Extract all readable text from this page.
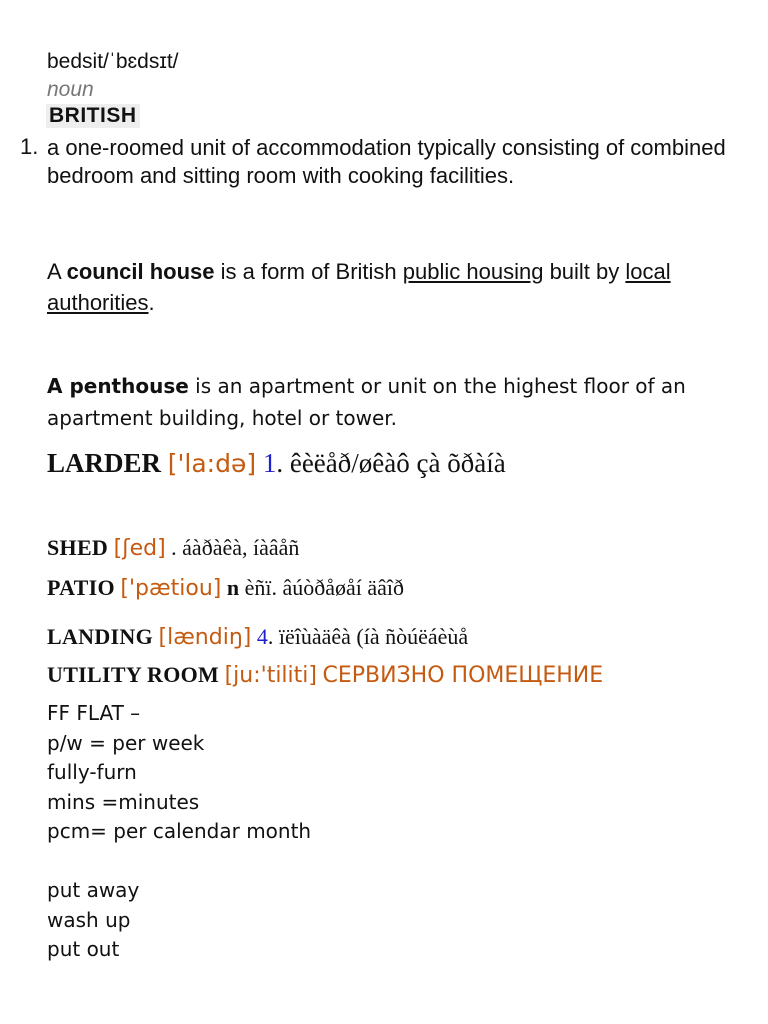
bedsit/ˈbɛdsɪt/
noun
BRITISH
1. a one-roomed unit of accommodation typically consisting of combined bedroom and sitting room with cooking facilities.
A council house is a form of British public housing built by local authorities.
A penthouse is an apartment or unit on the highest floor of an apartment building, hotel or tower.
LARDER ['la:də] 1. êèëåð/øêàô çà õðàíà
SHED [ʃed] . áàðàêà, íàâåñ
PATIO ['pætiou] n èñï. âúòðåøåí äâîð
LANDING [lændiŋ] 4. ïëîùàäêà (íà ñòúëáèùå
UTILITY ROOM [ju:'tiliti] СЕРВИЗНО ПОМЕЩЕНИЕ
FF FLAT –
p/w = per week
fully-furn
mins =minutes
pcm= per calendar month
put away
wash up
put out
